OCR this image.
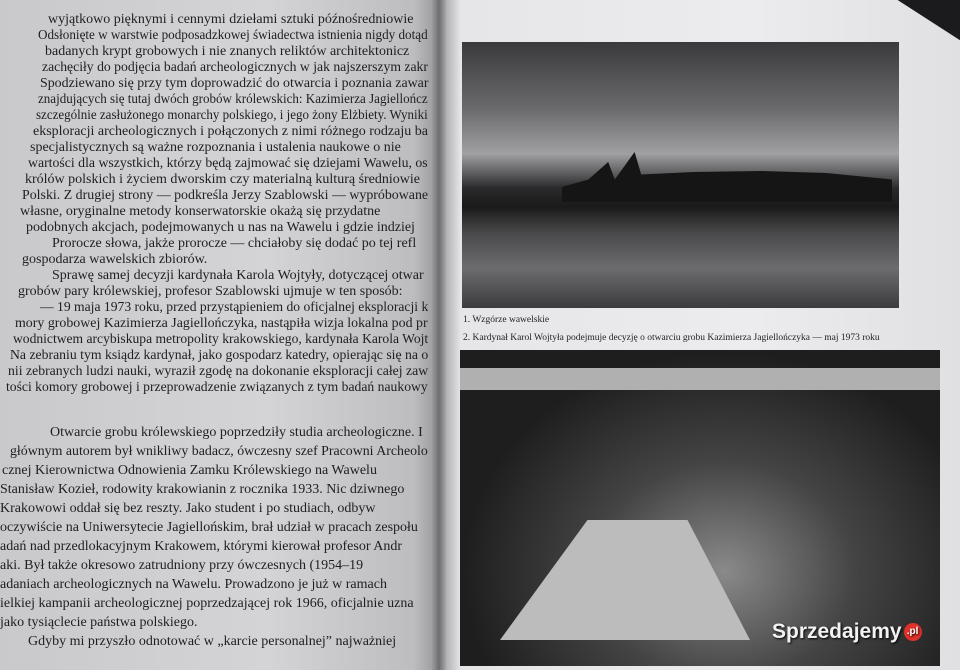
wyjątkowo pięknymi i cennymi dziełami sztuki późnośredniowie
Odsłonięte w warstwie podposadzkowej świadectwa istnienia nigdy dotąd
badanych krypt grobowych i nie znanych reliktów architektonicz
zachęciły do podjęcia badań archeologicznych w jak najszerszym zakr
Spodziewano się przy tym doprowadzić do otwarcia i poznania zawar
znajdujących się tutaj dwóch grobów królewskich: Kazimierza Jagiellończ
szczególnie zasłużonego monarchy polskiego, i jego żony Elżbiety. Wyniki
eksploracji archeologicznych i połączonych z nimi różnego rodzaju ba
specjalistycznych są ważne rozpoznania i ustalenia naukowe o nie
wartości dla wszystkich, którzy będą zajmować się dziejami Wawelu, os
królów polskich i życiem dworskim czy materialną kulturą średniowie
Polski. Z drugiej strony — podkreśla Jerzy Szablowski — wypróbowane
własne, oryginalne metody konserwatorskie okażą się przydatne
podobnych akcjach, podejmowanych u nas na Wawelu i gdzie indziej
Prorocze słowa, jakże prorocze — chciałoby się dodać po tej refl
gospodarza wawelskich zbiorów.
Sprawę samej decyzji kardynała Karola Wojtyły, dotyczącej otwar
grobów pary królewskiej, profesor Szablowski ujmuje w ten sposób:
— 19 maja 1973 roku, przed przystąpieniem do oficjalnej eksploracji k
mory grobowej Kazimierza Jagiellończyka, nastąpiła wizja lokalna pod pr
wodnictwem arcybiskupa metropolity krakowskiego, kardynała Karola Wojt
Na zebraniu tym ksiądz kardynał, jako gospodarz katedry, opierając się na o
nii zebranych ludzi nauki, wyraził zgodę na dokonanie eksploracji całej zaw
tości komory grobowej i przeprowadzenie związanych z tym badań naukowy
Otwarcie grobu królewskiego poprzedziły studia archeologiczne. I
głównym autorem był wnikliwy badacz, ówczesny szef Pracowni Archeolo
cznej Kierownictwa Odnowienia Zamku Królewskiego na Wawelu
Stanisław Kozieł, rodowity krakowianin z rocznika 1933. Nic dziwnego
Krakowowi oddał się bez reszty. Jako student i po studiach, odbyw
oczywiście na Uniwersytecie Jagiellońskim, brał udział w pracach zespołu
adań nad przedlokacyjnym Krakowem, którymi kierował profesor Andr
aki. Był także okresowo zatrudniony przy ówczesnych (1954–19
adaniach archeologicznych na Wawelu. Prowadzono je już w ramach
ielkiej kampanii archeologicznej poprzedzającej rok 1966, oficjalnie uzna
jako tysiąclecie państwa polskiego.
Gdyby mi przyszło odnotować w „karcie personalnej” najważniej
1. Wzgórze wawelskie
2. Kardynał Karol Wojtyła podejmuje decyzję o otwarciu grobu Kazimierza Jagiellończyka — maj 1973 roku
Sprzedajemy .pl
